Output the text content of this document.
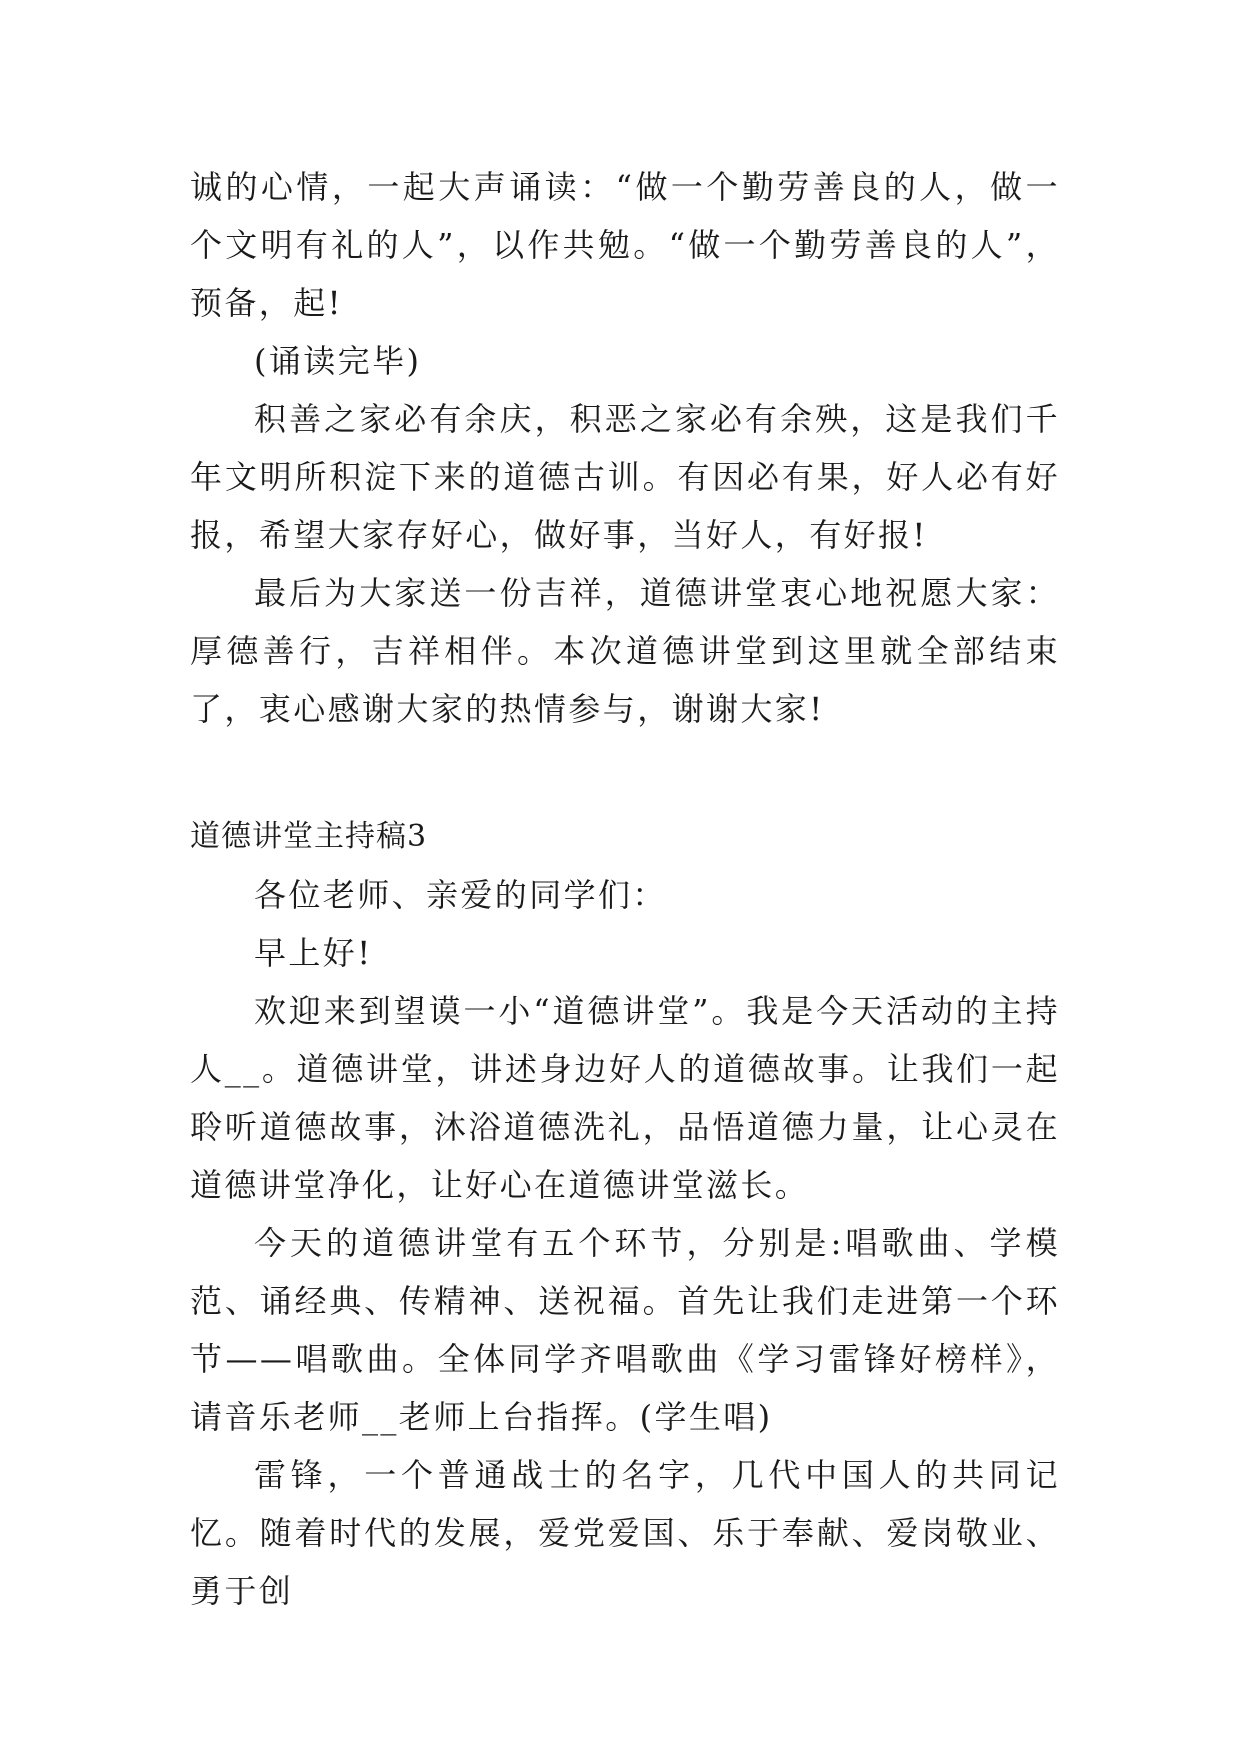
诚的心情，一起大声诵读：“做一个勤劳善良的人，做一个文明有礼的人”，以作共勉。“做一个勤劳善良的人”，预备，起!

(诵读完毕)

积善之家必有余庆，积恶之家必有余殃，这是我们千年文明所积淀下来的道德古训。有因必有果，好人必有好报，希望大家存好心，做好事，当好人，有好报!

最后为大家送一份吉祥，道德讲堂衷心地祝愿大家：厚德善行，吉祥相伴。本次道德讲堂到这里就全部结束了，衷心感谢大家的热情参与，谢谢大家!

道德讲堂主持稿3

各位老师、亲爱的同学们：

早上好!

欢迎来到望谟一小“道德讲堂”。我是今天活动的主持人__。道德讲堂，讲述身边好人的道德故事。让我们一起聆听道德故事，沐浴道德洗礼，品悟道德力量，让心灵在道德讲堂净化，让好心在道德讲堂滋长。

今天的道德讲堂有五个环节，分别是:唱歌曲、学模范、诵经典、传精神、送祝福。首先让我们走进第一个环节——唱歌曲。全体同学齐唱歌曲《学习雷锋好榜样》，请音乐老师__老师上台指挥。(学生唱)

雷锋，一个普通战士的名字，几代中国人的共同记忆。随着时代的发展，爱党爱国、乐于奉献、爱岗敬业、勇于创
